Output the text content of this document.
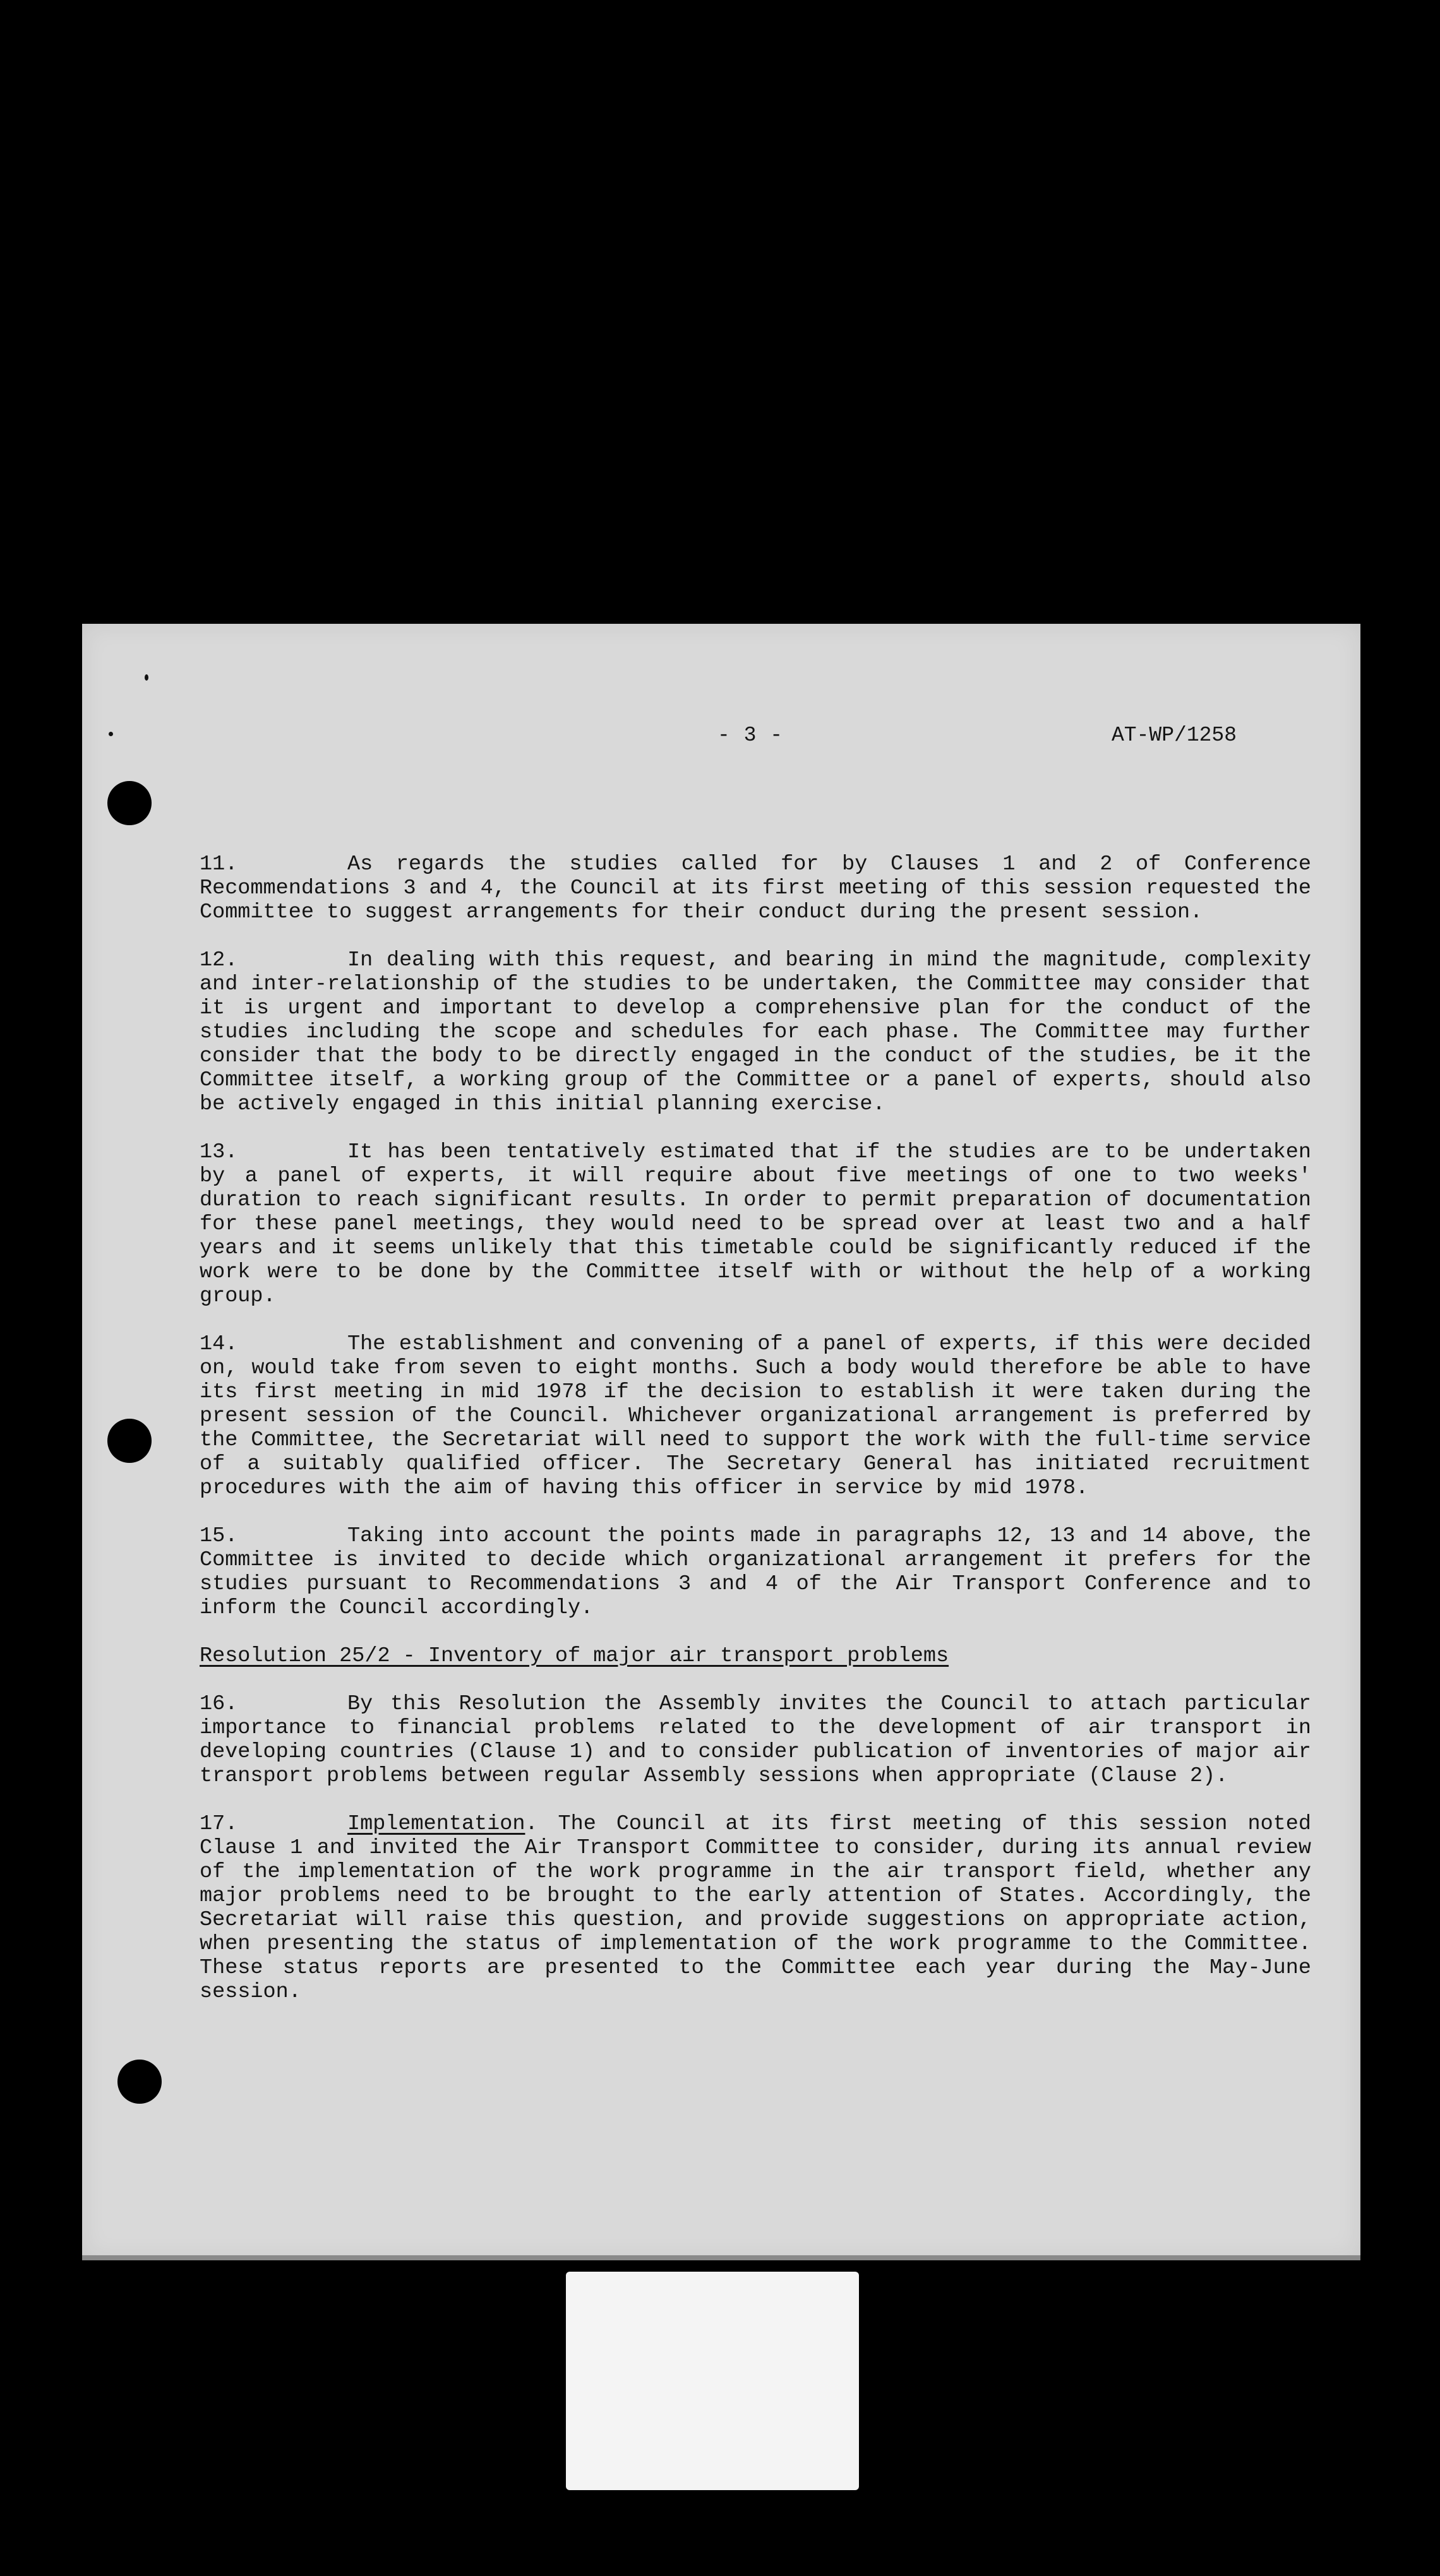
- 3 -	AT-WP/1258

11.	As regards the studies called for by Clauses 1 and 2 of Conference Recommendations 3 and 4, the Council at its first meeting of this session requested the Committee to suggest arrangements for their conduct during the present session.

12.	In dealing with this request, and bearing in mind the magnitude, complexity and inter-relationship of the studies to be undertaken, the Committee may consider that it is urgent and important to develop a comprehensive plan for the conduct of the studies including the scope and schedules for each phase. The Committee may further consider that the body to be directly engaged in the conduct of the studies, be it the Committee itself, a working group of the Committee or a panel of experts, should also be actively engaged in this initial planning exercise.

13.	It has been tentatively estimated that if the studies are to be undertaken by a panel of experts, it will require about five meetings of one to two weeks' duration to reach significant results. In order to permit preparation of documentation for these panel meetings, they would need to be spread over at least two and a half years and it seems unlikely that this timetable could be significantly reduced if the work were to be done by the Committee itself with or without the help of a working group.

14.	The establishment and convening of a panel of experts, if this were decided on, would take from seven to eight months. Such a body would therefore be able to have its first meeting in mid 1978 if the decision to establish it were taken during the present session of the Council. Whichever organizational arrangement is preferred by the Committee, the Secretariat will need to support the work with the full-time service of a suitably qualified officer. The Secretary General has initiated recruitment procedures with the aim of having this officer in service by mid 1978.

15.	Taking into account the points made in paragraphs 12, 13 and 14 above, the Committee is invited to decide which organizational arrangement it prefers for the studies pursuant to Recommendations 3 and 4 of the Air Transport Conference and to inform the Council accordingly.

Resolution 25/2 - Inventory of major air transport problems

16.	By this Resolution the Assembly invites the Council to attach particular importance to financial problems related to the development of air transport in developing countries (Clause 1) and to consider publication of inventories of major air transport problems between regular Assembly sessions when appropriate (Clause 2).

17.	Implementation. The Council at its first meeting of this session noted Clause 1 and invited the Air Transport Committee to consider, during its annual review of the implementation of the work programme in the air transport field, whether any major problems need to be brought to the early attention of States. Accordingly, the Secretariat will raise this question, and provide suggestions on appropriate action, when presenting the status of implementation of the work programme to the Committee. These status reports are presented to the Committee each year during the May-June session.
